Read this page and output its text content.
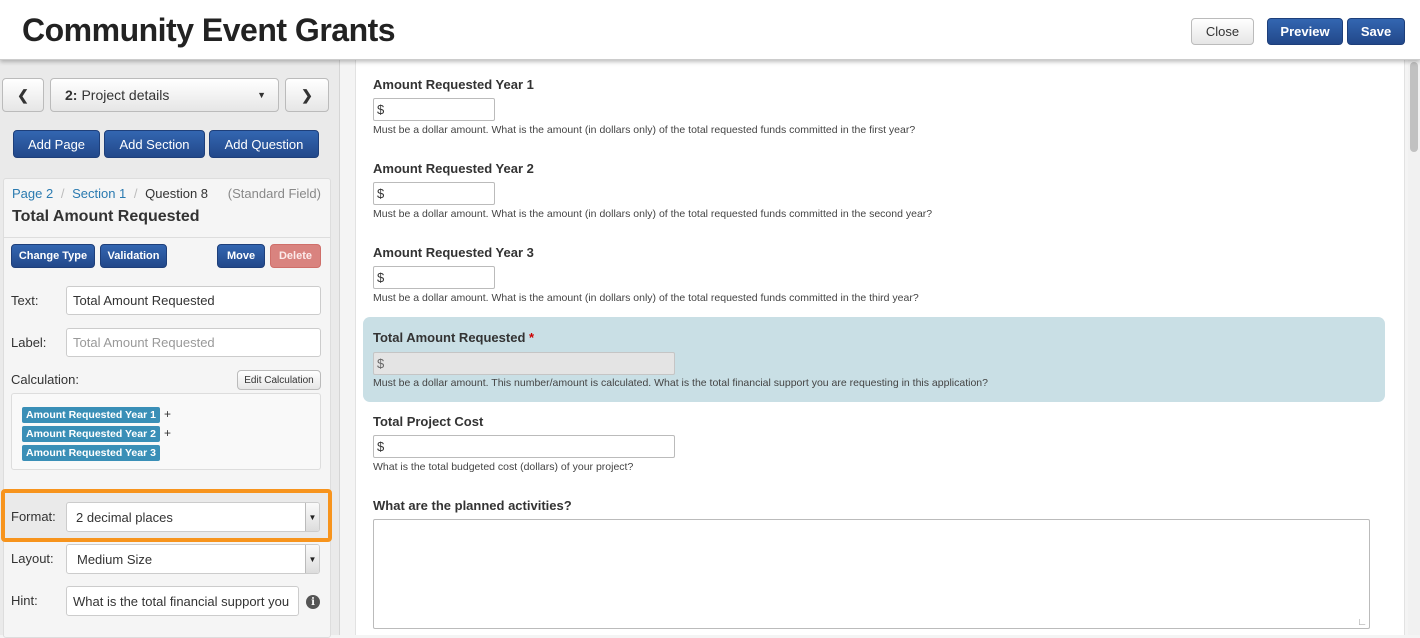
Community Event Grants	Close	Preview	Save
❮	2: Project details	▼	❯
Add Page	Add Section	Add Question
Page 2 / Section 1 / Question 8 (Standard Field)
Total Amount Requested
Change Type	Validation	Move	Delete
Text:	Total Amount Requested
Label:	Total Amount Requested
Calculation:	Edit Calculation
Amount Requested Year 1 +
Amount Requested Year 2 +
Amount Requested Year 3
Format: 2 decimal places	▼
Layout: Medium Size	▼
Hint:	What is the total financial support you	i
Amount Requested Year 1
$
Must be a dollar amount. What is the amount (in dollars only) of the total requested funds committed in the first year?
Amount Requested Year 2
$
Must be a dollar amount. What is the amount (in dollars only) of the total requested funds committed in the second year?
Amount Requested Year 3
$
Must be a dollar amount. What is the amount (in dollars only) of the total requested funds committed in the third year?
Total Amount Requested *
$
Must be a dollar amount. This number/amount is calculated. What is the total financial support you are requesting in this application?
Total Project Cost
$
What is the total budgeted cost (dollars) of your project?
What are the planned activities?
∟
